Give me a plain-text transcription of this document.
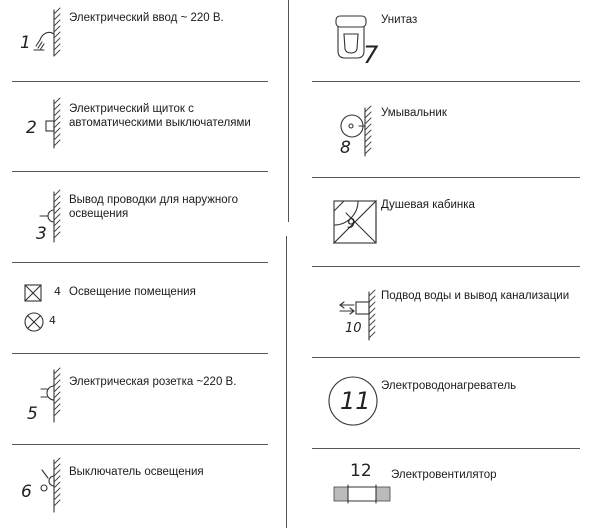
Электрический ввод ~ 220 В.
1
Электрический щиток с
автоматическими выключателями
2
Вывод проводки для наружного
освещения
3
Освещение помещения
4
4
Электрическая розетка ~220 В.
5
Выключатель освещения
6
Унитаз
7
Умывальник
8
Душевая кабинка
9
Подвод воды и вывод канализации
10
Электроводонагреватель
11
Электровентилятор
12
